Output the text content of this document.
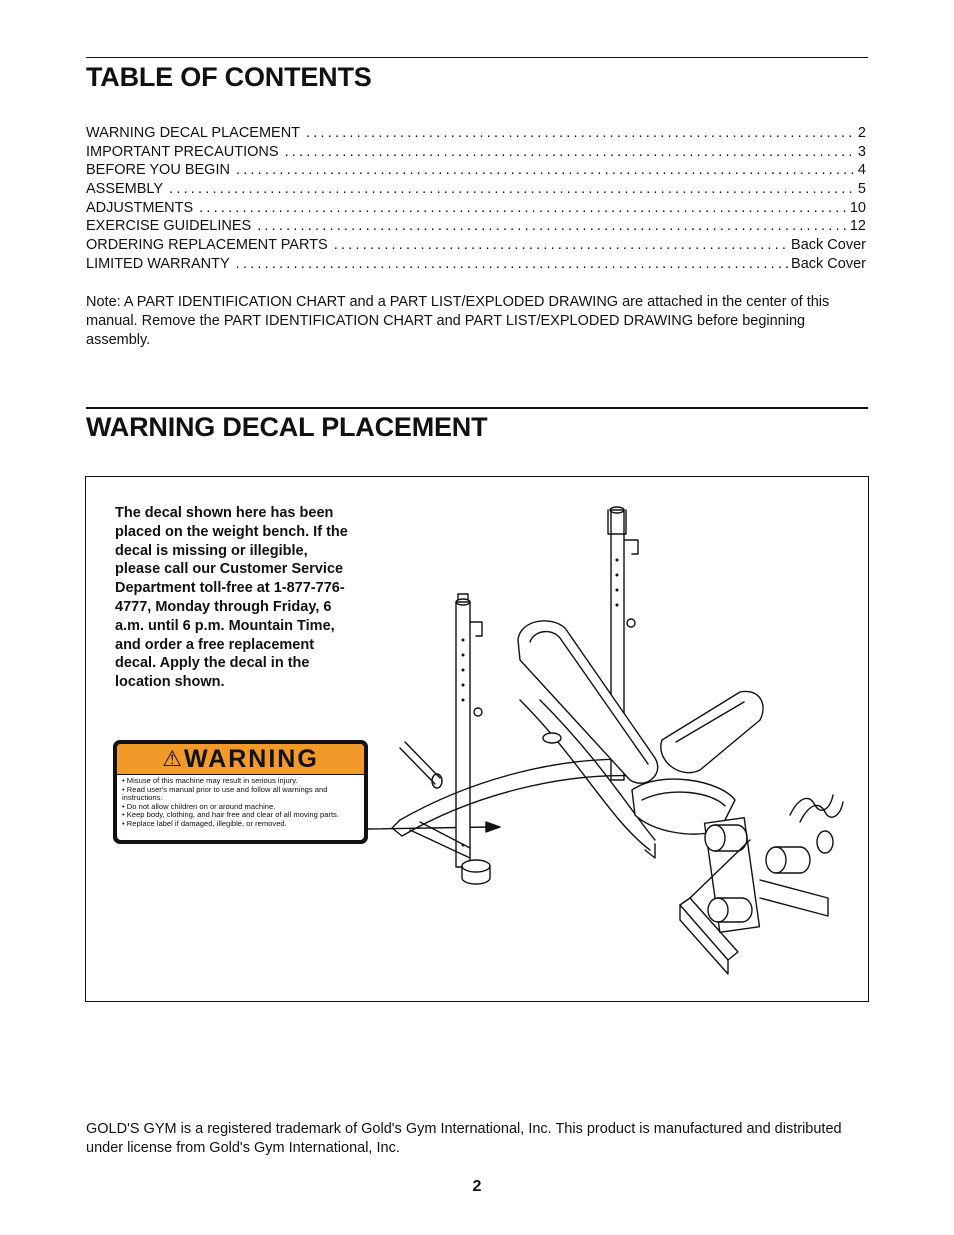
TABLE OF CONTENTS
WARNING DECAL PLACEMENT .....	2
IMPORTANT PRECAUTIONS .....	3
BEFORE YOU BEGIN .....	4
ASSEMBLY .....	5
ADJUSTMENTS .....	10
EXERCISE GUIDELINES .....	12
ORDERING REPLACEMENT PARTS .....	Back Cover
LIMITED WARRANTY .....	Back Cover
Note: A PART IDENTIFICATION CHART and a PART LIST/EXPLODED DRAWING are attached in the center of this manual. Remove the PART IDENTIFICATION CHART and PART LIST/EXPLODED DRAWING before beginning assembly.
WARNING DECAL PLACEMENT
The decal shown here has been placed on the weight bench. If the decal is missing or illegible, please call our Customer Service Department toll-free at 1-877-776-4777, Monday through Friday, 6 a.m. until 6 p.m. Mountain Time, and order a free replacement decal. Apply the decal in the location shown.
⚠ WARNING
• Misuse of this machine may result in serious injury.
• Read user's manual prior to use and follow all warnings and instructions.
• Do not allow children on or around machine.
• Keep body, clothing, and hair free and clear of all moving parts.
• Replace label if damaged, illegible, or removed.
GOLD'S GYM is a registered trademark of Gold's Gym International, Inc. This product is manufactured and distributed under license from Gold's Gym International, Inc.
2
